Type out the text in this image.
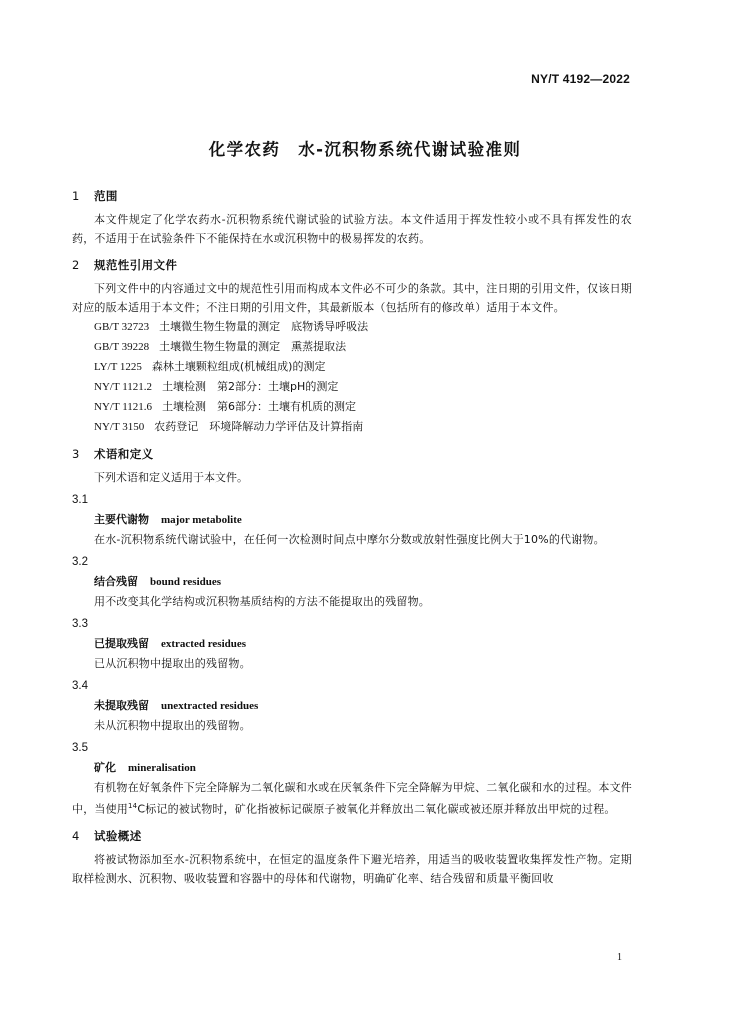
NY/T 4192—2022
化学农药　水-沉积物系统代谢试验准则
1 范围
本文件规定了化学农药水-沉积物系统代谢试验的试验方法。本文件适用于挥发性较小或不具有挥发性的农药，不适用于在试验条件下不能保持在水或沉积物中的极易挥发的农药。
2 规范性引用文件
下列文件中的内容通过文中的规范性引用而构成本文件必不可少的条款。其中，注日期的引用文件，仅该日期对应的版本适用于本文件；不注日期的引用文件，其最新版本（包括所有的修改单）适用于本文件。
GB/T 32723 土壤微生物生物量的测定　底物诱导呼吸法
GB/T 39228 土壤微生物生物量的测定　熏蒸提取法
LY/T 1225 森林土壤颗粒组成(机械组成)的测定
NY/T 1121.2 土壤检测　第2部分：土壤pH的测定
NY/T 1121.6 土壤检测　第6部分：土壤有机质的测定
NY/T 3150 农药登记　环境降解动力学评估及计算指南
3 术语和定义
下列术语和定义适用于本文件。
3.1
主要代谢物 major metabolite
在水-沉积物系统代谢试验中，在任何一次检测时间点中摩尔分数或放射性强度比例大于10%的代谢物。
3.2
结合残留 bound residues
用不改变其化学结构或沉积物基质结构的方法不能提取出的残留物。
3.3
已提取残留 extracted residues
已从沉积物中提取出的残留物。
3.4
未提取残留 unextracted residues
未从沉积物中提取出的残留物。
3.5
矿化 mineralisation
有机物在好氧条件下完全降解为二氧化碳和水或在厌氧条件下完全降解为甲烷、二氧化碳和水的过程。本文件中，当使用$^{14}$C标记的被试物时，矿化指被标记碳原子被氧化并释放出二氧化碳或被还原并释放出甲烷的过程。
4 试验概述
将被试物添加至水-沉积物系统中，在恒定的温度条件下避光培养，用适当的吸收装置收集挥发性产物。定期取样检测水、沉积物、吸收装置和容器中的母体和代谢物，明确矿化率、结合残留和质量平衡回收
1
